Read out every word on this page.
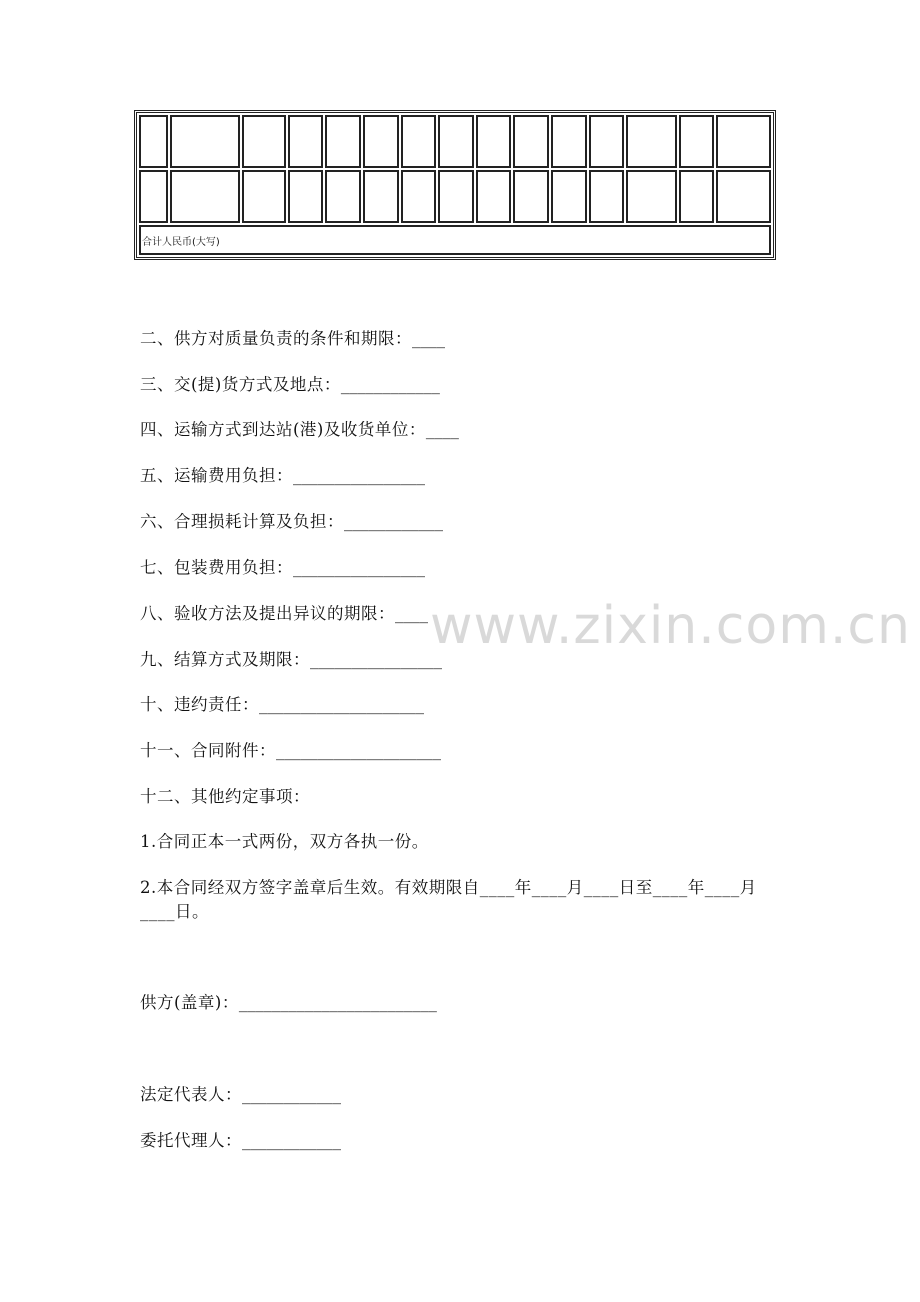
合计人民币(大写)														
二、供方对质量负责的条件和期限：____
三、交(提)货方式及地点：____________
四、运输方式到达站(港)及收货单位：____
五、运输费用负担：________________
六、合理损耗计算及负担：____________
七、包装费用负担：________________
八、验收方法及提出异议的期限：____
九、结算方式及期限：________________
十、违约责任：____________________
十一、合同附件：____________________
十二、其他约定事项：
1.合同正本一式两份，双方各执一份。
2.本合同经双方签字盖章后生效。有效期限自____年____月____日至____年____月____日。
供方(盖章)：________________________
法定代表人：____________
委托代理人：____________
www.zixin.com.cn
